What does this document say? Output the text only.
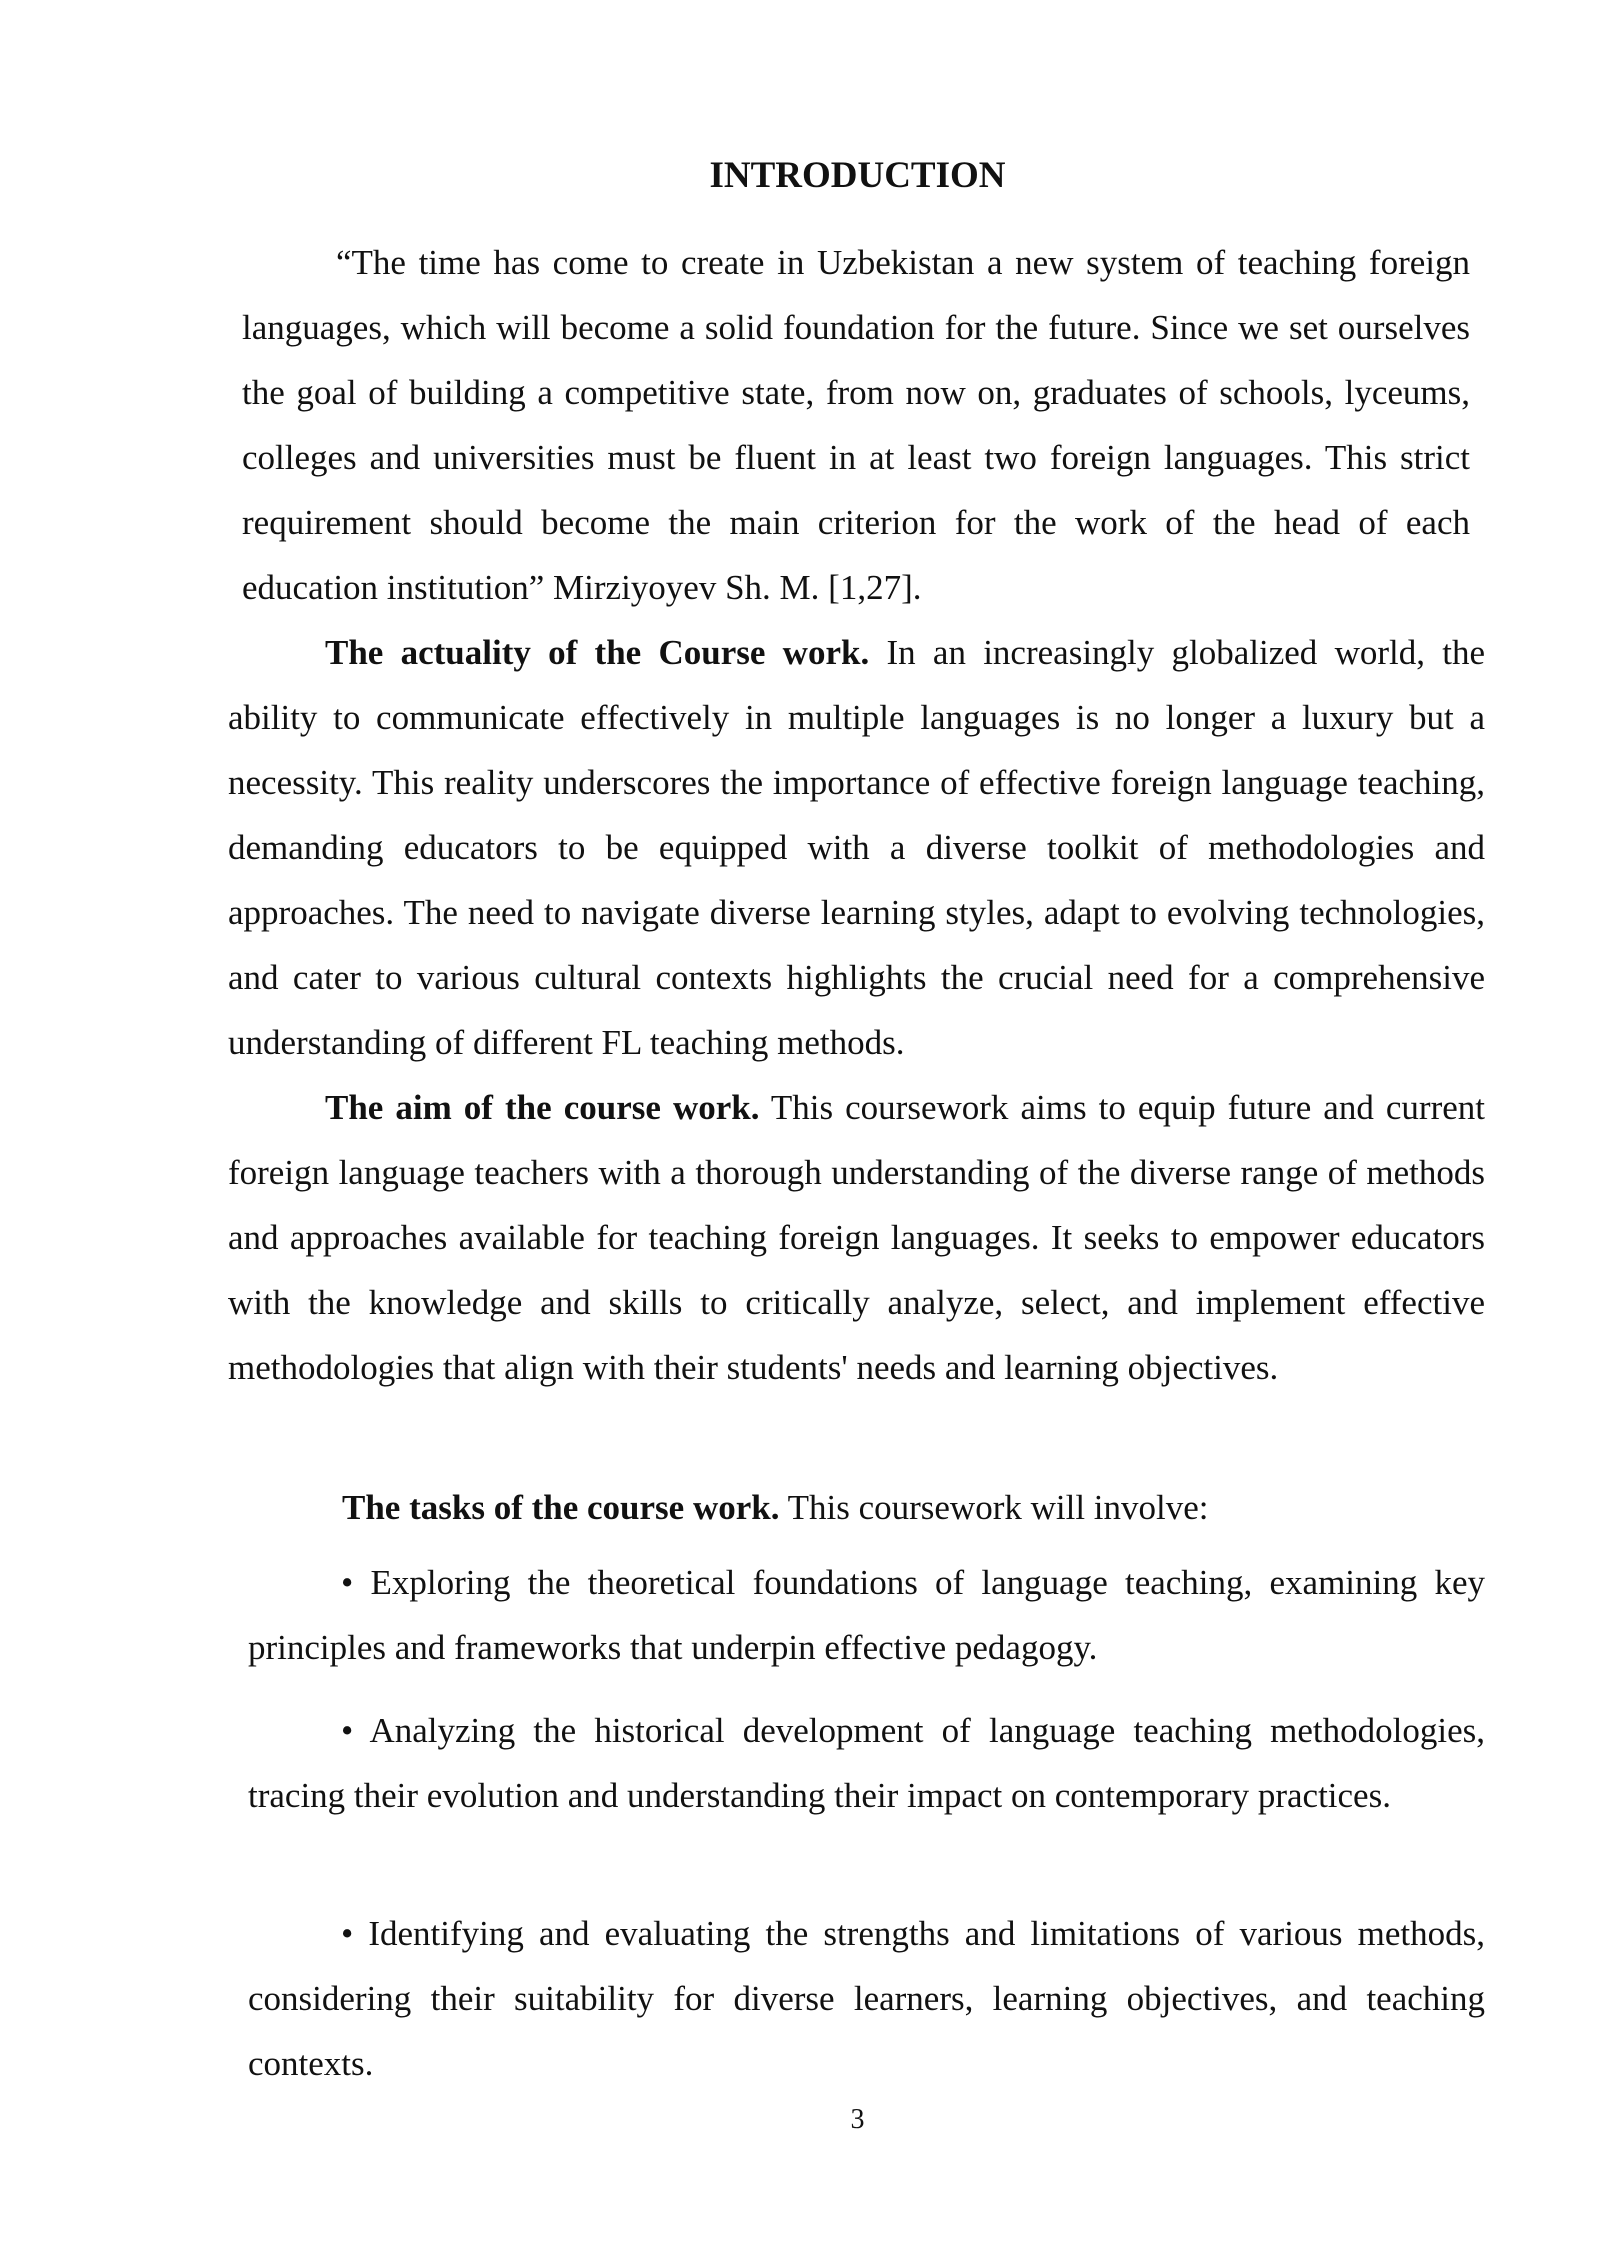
INTRODUCTION

“The time has come to create in Uzbekistan a new system of teaching foreign languages, which will become a solid foundation for the future. Since we set ourselves the goal of building a competitive state, from now on, graduates of schools, lyceums, colleges and universities must be fluent in at least two foreign languages. This strict requirement should become the main criterion for the work of the head of each education institution” Mirziyoyev Sh. M. [1,27].

The actuality of the Course work. In an increasingly globalized world, the ability to communicate effectively in multiple languages is no longer a luxury but a necessity. This reality underscores the importance of effective foreign language teaching, demanding educators to be equipped with a diverse toolkit of methodologies and approaches. The need to navigate diverse learning styles, adapt to evolving technologies, and cater to various cultural contexts highlights the crucial need for a comprehensive understanding of different FL teaching methods.

The aim of the course work. This coursework aims to equip future and current foreign language teachers with a thorough understanding of the diverse range of methods and approaches available for teaching foreign languages. It seeks to empower educators with the knowledge and skills to critically analyze, select, and implement effective methodologies that align with their students' needs and learning objectives.

The tasks of the course work. This coursework will involve:

• Exploring the theoretical foundations of language teaching, examining key principles and frameworks that underpin effective pedagogy.

• Analyzing the historical development of language teaching methodologies, tracing their evolution and understanding their impact on contemporary practices.

• Identifying and evaluating the strengths and limitations of various methods, considering their suitability for diverse learners, learning objectives, and teaching contexts.

3
